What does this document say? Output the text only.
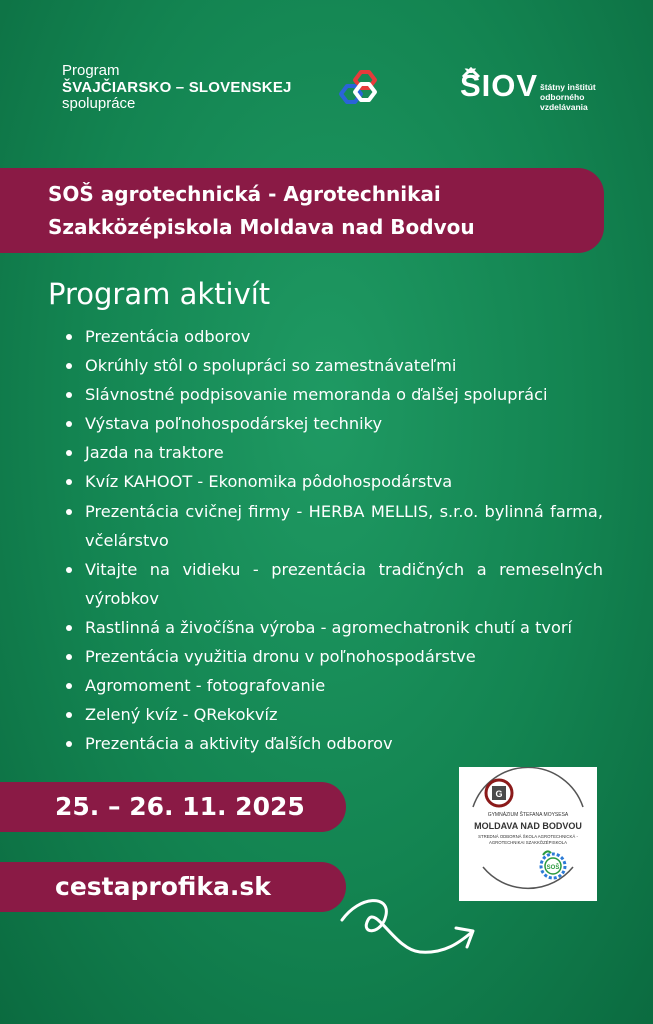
Program
ŠVAJČIARSKO – SLOVENSKEJ
spolupráce
ŠIOV štátny inštitút
odborného
vzdelávania
SOŠ agrotechnická - Agrotechnikai
Szakközépiskola Moldava nad Bodvou
Program aktivít
Prezentácia odborov
Okrúhly stôl o spolupráci so zamestnávateľmi
Slávnostné podpisovanie memoranda o ďalšej spolupráci
Výstava poľnohospodárskej techniky
Jazda na traktore
Kvíz KAHOOT - Ekonomika pôdohospodárstva
Prezentácia cvičnej firmy - HERBA MELLIS, s.r.o. bylinná farma, včelárstvo
Vitajte na vidieku - prezentácia tradičných a remeselných výrobkov
Rastlinná a živočíšna výroba - agromechatronik chutí a tvorí
Prezentácia využitia dronu v poľnohospodárstve
Agromoment - fotografovanie
Zelený kvíz - QRekokvíz
Prezentácia a aktivity ďalších odborov
25. – 26. 11. 2025
cestaprofika.sk
G
GYMNÁZIUM ŠTEFANA MOYSESA
MOLDAVA NAD BODVOU
STREDNÁ ODBORNÁ ŠKOLA AGROTECHNICKÁ -
AGROTECHNIKAI SZAKKÖZÉPISKOLA
SOŠ
